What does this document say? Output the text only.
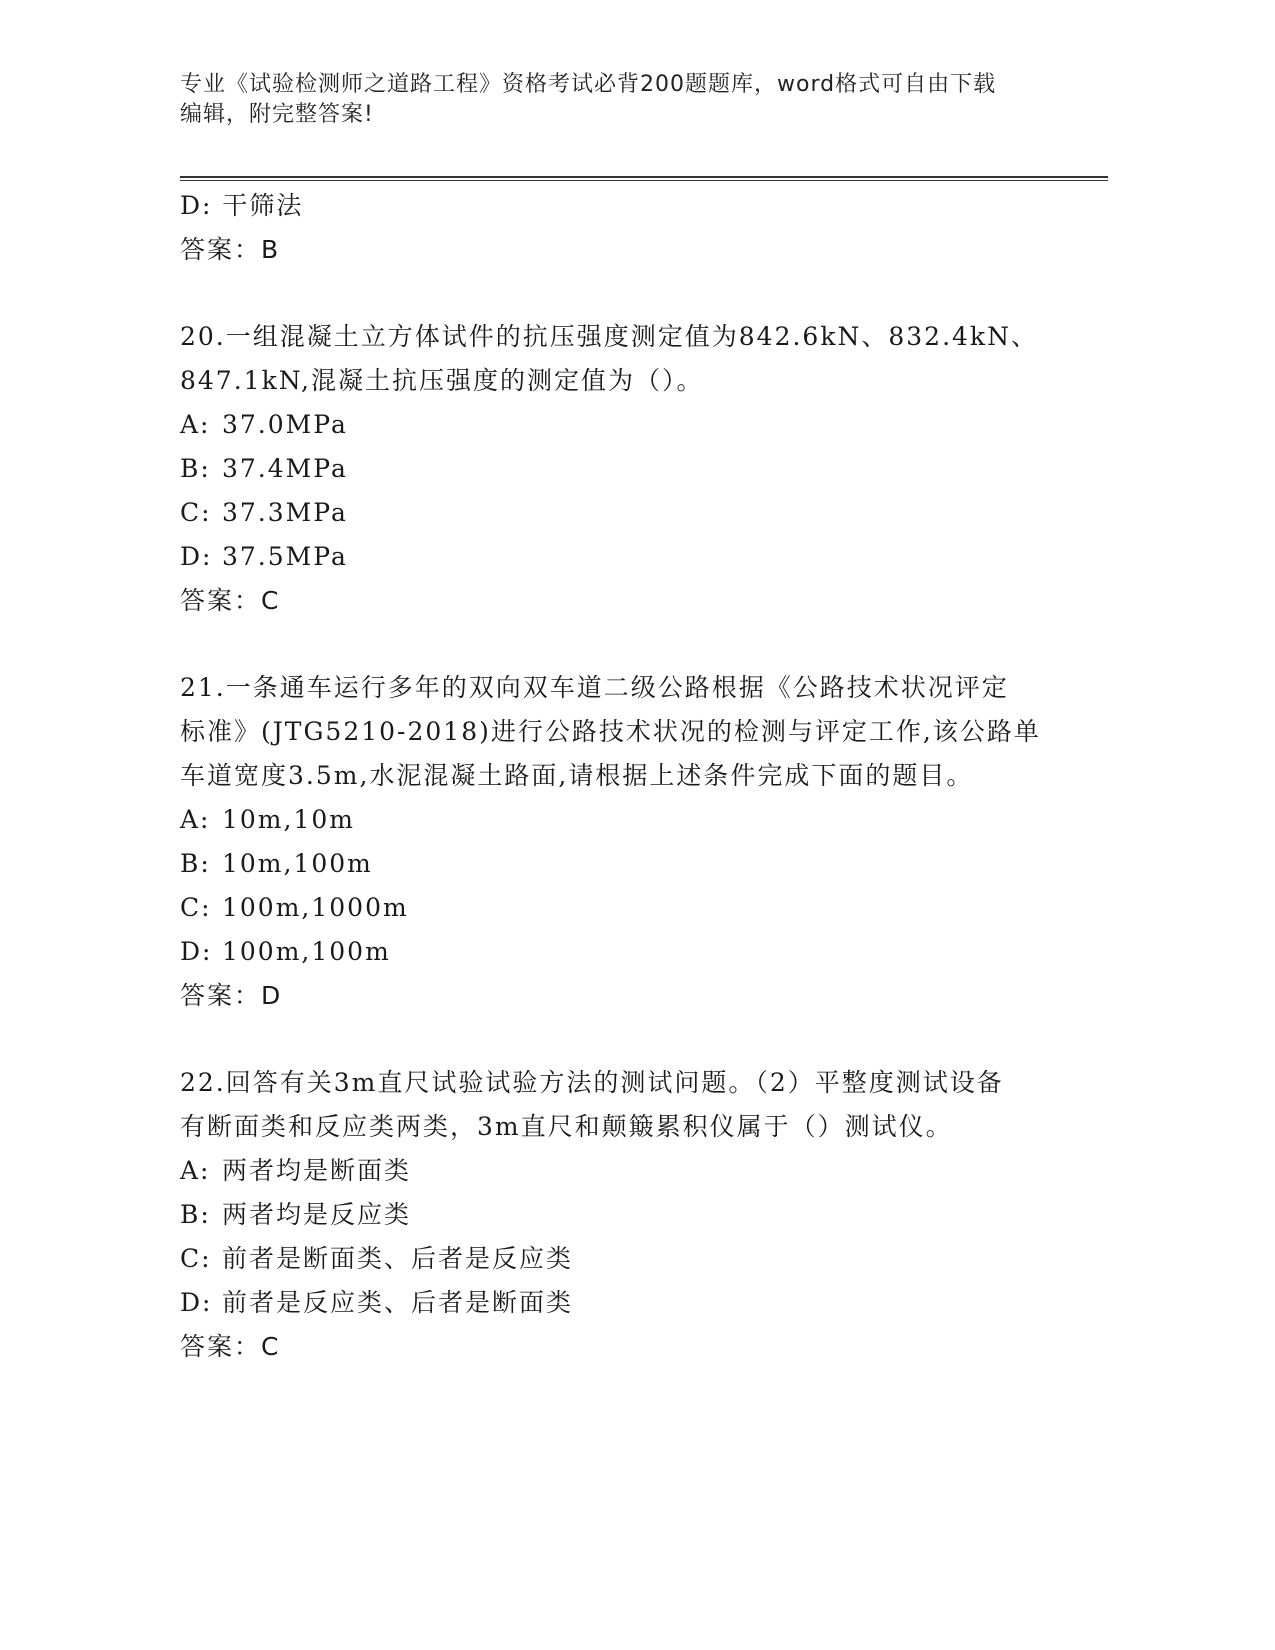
专业《试验检测师之道路工程》资格考试必背200题题库，word格式可自由下载
编辑，附完整答案!
D: 干筛法
答案：B
20.一组混凝土立方体试件的抗压强度测定值为842.6kN、832.4kN、
847.1kN,混凝土抗压强度的测定值为（）。
A: 37.0MPa
B: 37.4MPa
C: 37.3MPa
D: 37.5MPa
答案：C
21.一条通车运行多年的双向双车道二级公路根据《公路技术状况评定
标准》(JTG5210-2018)进行公路技术状况的检测与评定工作,该公路单
车道宽度3.5m,水泥混凝土路面,请根据上述条件完成下面的题目。
A: 10m,10m
B: 10m,100m
C: 100m,1000m
D: 100m,100m
答案：D
22.回答有关3m直尺试验试验方法的测试问题。（2）平整度测试设备
有断面类和反应类两类，3m直尺和颠簸累积仪属于（）测试仪。
A: 两者均是断面类
B: 两者均是反应类
C: 前者是断面类、后者是反应类
D: 前者是反应类、后者是断面类
答案：C
